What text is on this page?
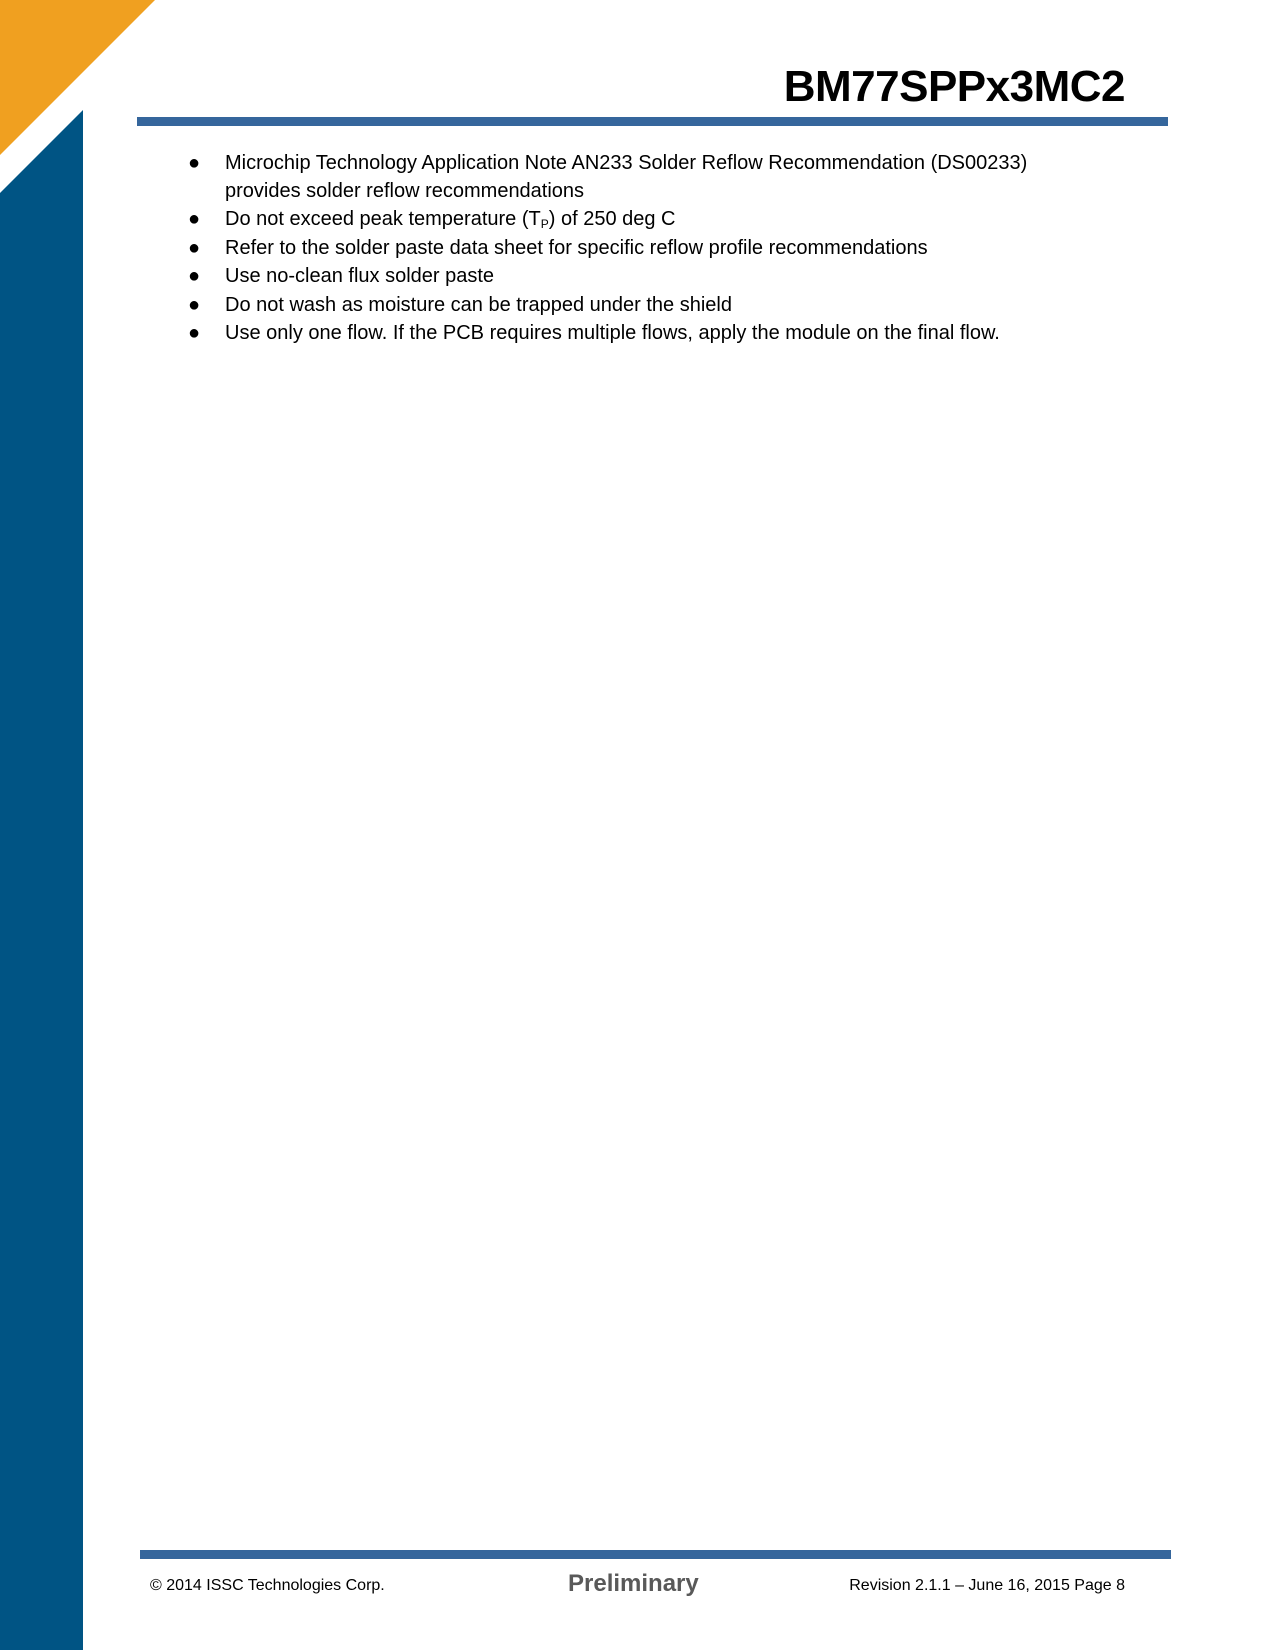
BM77SPPx3MC2
● Microchip Technology Application Note AN233 Solder Reflow Recommendation (DS00233) provides solder reflow recommendations
● Do not exceed peak temperature $(T_P)$ of 250 deg C
● Refer to the solder paste data sheet for specific reflow profile recommendations
● Use no-clean flux solder paste
● Do not wash as moisture can be trapped under the shield
● Use only one flow. If the PCB requires multiple flows, apply the module on the final flow.
© 2014 ISSC Technologies Corp.	Preliminary	Revision 2.1.1 – June 16, 2015 Page 8
